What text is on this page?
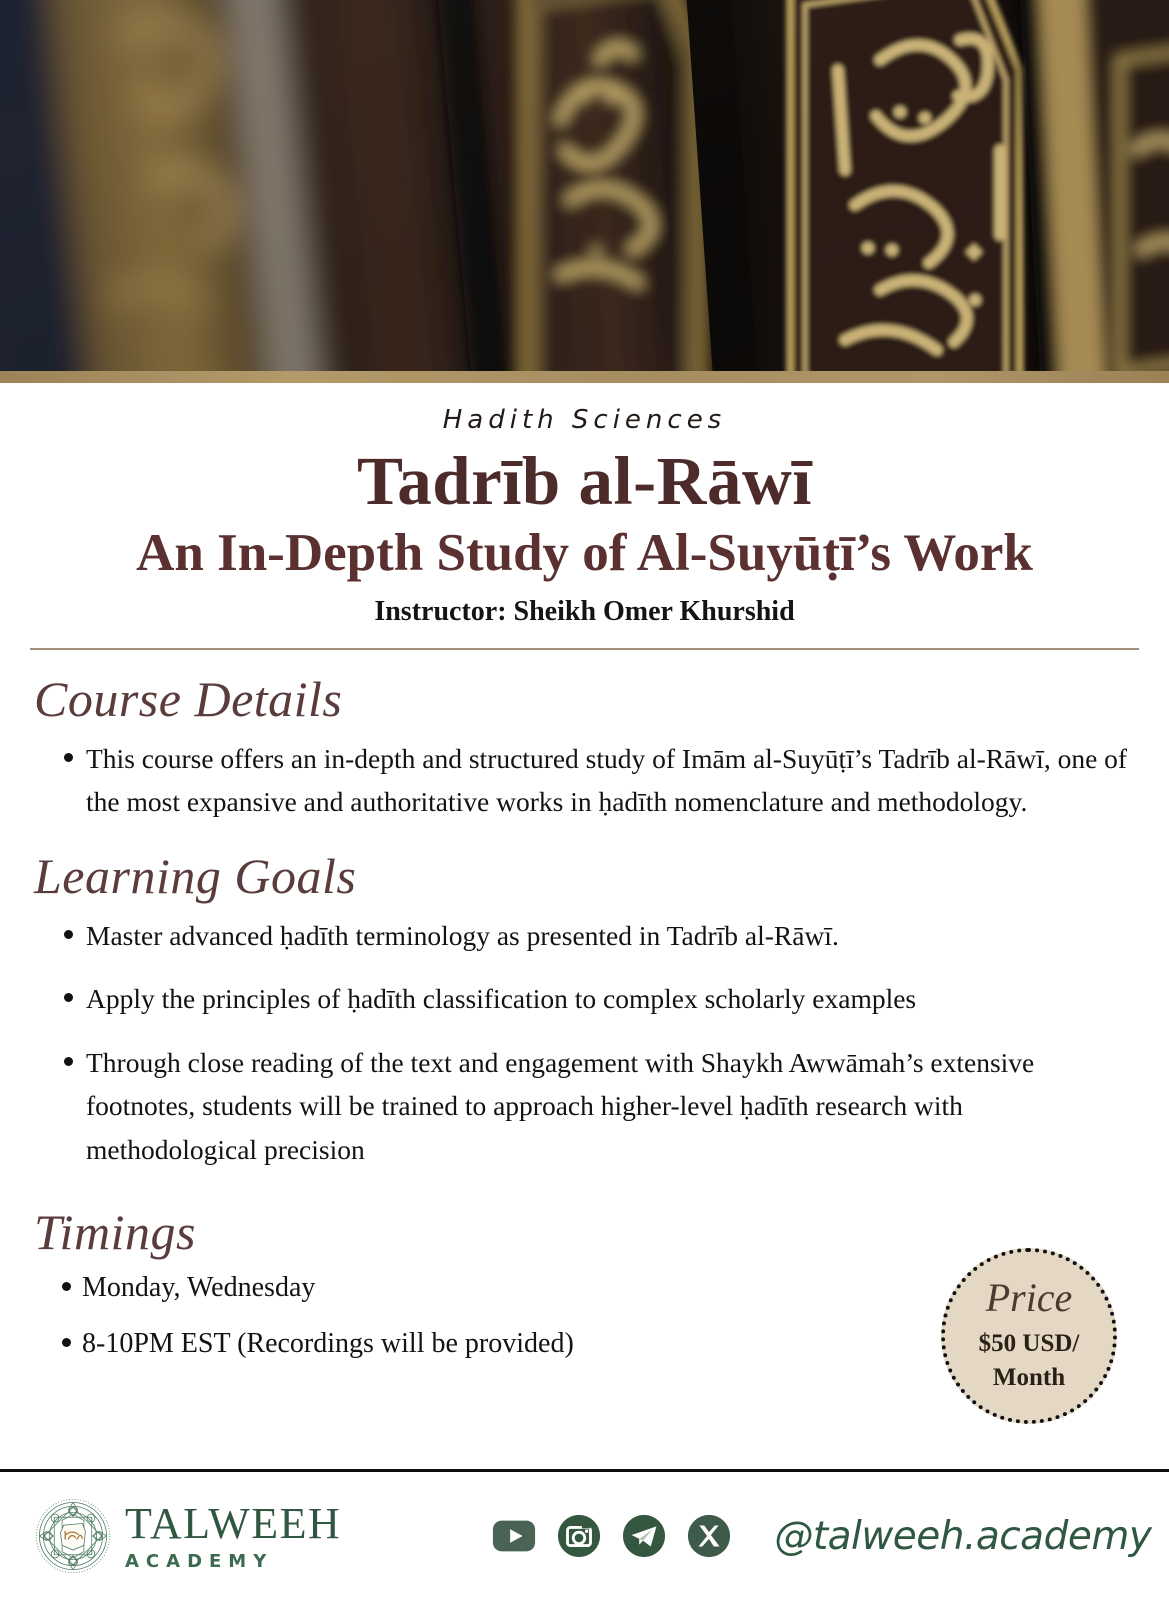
Hadith Sciences
Tadrīb al-Rāwī
An In-Depth Study of Al-Suyūṭī’s Work
Instructor: Sheikh Omer Khurshid
Course Details
This course offers an in-depth and structured study of Imām al-Suyūṭī’s Tadrīb al-Rāwī, one of the most expansive and authoritative works in ḥadīth nomenclature and methodology.
Learning Goals
Master advanced ḥadīth terminology as presented in Tadrīb al-Rāwī.
Apply the principles of ḥadīth classification to complex scholarly examples
Through close reading of the text and engagement with Shaykh Awwāmah’s extensive footnotes, students will be trained to approach higher-level ḥadīth research with methodological precision
Timings
Monday, Wednesday
8-10PM EST (Recordings will be provided)
Price
$50 USD/
Month
TALWEEH
ACADEMY
@talweeh.academy
